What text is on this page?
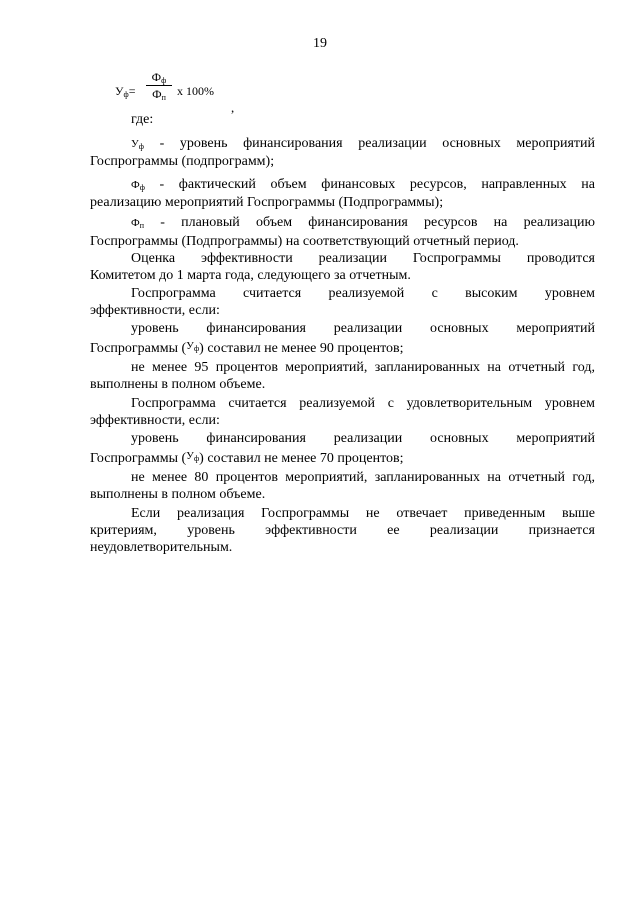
19
$У_ф=$
$Ф_ф$
$Ф_п$ x 100%
,
где:
$У_ф$ - уровень финансирования реализации основных мероприятий
Госпрограммы (подпрограмм);
$Ф_ф$ - фактический объем финансовых ресурсов, направленных на
реализацию мероприятий Госпрограммы (Подпрограммы);
$Ф_п$ - плановый объем финансирования ресурсов на реализацию
Госпрограммы (Подпрограммы) на соответствующий отчетный период.
Оценка эффективности реализации Госпрограммы проводится
Комитетом до 1 марта года, следующего за отчетным.
Госпрограмма считается реализуемой с высоким уровнем
эффективности, если:
уровень финансирования реализации основных мероприятий
Госпрограммы ($^{У_ф}$) составил не менее 90 процентов;
не менее 95 процентов мероприятий, запланированных на отчетный год,
выполнены в полном объеме.
Госпрограмма считается реализуемой с удовлетворительным уровнем
эффективности, если:
уровень финансирования реализации основных мероприятий
Госпрограммы ($^{У_ф}$) составил не менее 70 процентов;
не менее 80 процентов мероприятий, запланированных на отчетный год,
выполнены в полном объеме.
Если реализация Госпрограммы не отвечает приведенным выше
критериям, уровень эффективности ее реализации признается
неудовлетворительным.
